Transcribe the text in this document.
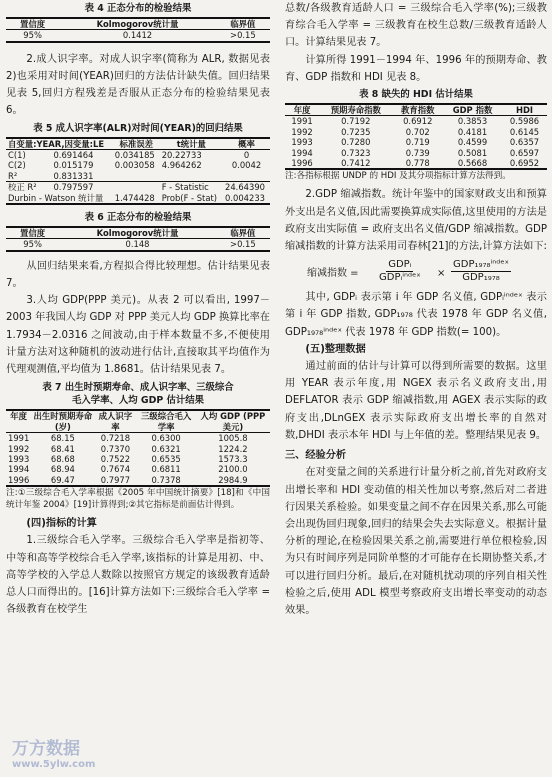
表 4 正态分布的检验结果
置信度	Kolmogorov统计量	临界值
95%	0.1412	>0.15

2.成人识字率。对成人识字率(简称为 ALR, 数据见表 2)也采用对时间(YEAR)回归的方法估计缺失值。回归结果见表 5,回归方程残差是否服从正态分布的检验结果见表 6。

表 5 成人识字率(ALR)对时间(YEAR)的回归结果
自变量:YEAR,因变量:LE		标准误差	t统计量	概率
C(1)	0.691464	0.034185	20.22733	0
C(2)	0.015179	0.003058	4.964262	0.0042
R²	0.831331			
校正 R²	0.797597		F - Statistic	24.64390
Durbin - Watson 统计量		1.474428	Prob(F - Stat)	0.004233
表 6 正态分布的检验结果
置信度	Kolmogorov统计量	临界值
95%	0.148	>0.15

从回归结果来看,方程拟合得比较理想。估计结果见表 7。

3.人均 GDP(PPP 美元)。从表 2 可以看出, 1997－2003 年我国人均 GDP 对 PPP 美元人均 GDP 换算比率在 1.7934－2.0316 之间波动,由于样本数量不多,不便使用计量方法对这种随机的波动进行估计,直接取其平均值作为代理观测值,平均值为 1.8681。估计结果见表 7。

表 7 出生时预期寿命、成人识字率、三级综合
毛入学率、人均 GDP 估计结果
年度	出生时预期寿命(岁)	成人识字率	三级综合毛入学率	人均 GDP (PPP 美元)
1991	68.15	0.7218	0.6300	1005.8
1992	68.41	0.7370	0.6321	1224.2
1993	68.68	0.7522	0.6535	1573.3
1994	68.94	0.7674	0.6811	2100.0
1996	69.47	0.7977	0.7378	2984.9

注:①三级综合毛入学率根据《2005 年中国统计摘要》[18]和《中国统计年鉴 2004》[19]计算得到;②其它指标是前面估计得到。

(四)指标的计算

1.三级综合毛入学率。三级综合毛入学率是指初等、中等和高等学校综合毛入学率,该指标的计算是用初、中、高等学校的入学总人数除以按照官方规定的该级教育适龄总人口而得出的。[16]计算方法如下:三级综合毛入学率 = 各级教育在校学生

总数/各级教育适龄人口 = 三级综合毛入学率(%);三级教育综合毛入学率 = 三级教育在校生总数/三级教育适龄人口。计算结果见表 7。

计算所得 1991－1994 年、1996 年的预期寿命、教育、GDP 指数和 HDI 见表 8。

表 8 缺失的 HDI 估计结果
年度	预期寿命指数	教育指数	GDP 指数	HDI
1991	0.7192	0.6912	0.3853	0.5986
1992	0.7235	0.702	0.4181	0.6145
1993	0.7280	0.719	0.4599	0.6357
1994	0.7323	0.739	0.5081	0.6597
1996	0.7412	0.778	0.5668	0.6952

注:各指标根据 UNDP 的 HDI 及其分项指标计算方法得到。

2.GDP 缩减指数。统计年鉴中的国家财政支出和预算外支出是名义值,因此需要换算成实际值,这里使用的方法是政府支出实际值 = 政府支出名义值/GDP 缩减指数。GDP 缩减指数的计算方法采用司春林[21]的方法,计算方法如下:

缩减指数 =
GDPᵢ
GDPᵢⁱⁿᵈᵉˣ ×
GDP₁₉₇₈ⁱⁿᵈᵉˣ
GDP₁₉₇₈

其中, GDPᵢ 表示第 i 年 GDP 名义值, GDPᵢⁱⁿᵈᵉˣ 表示第 i 年 GDP 指数, GDP₁₉₇₈ 代表 1978 年 GDP 名义值, GDP₁₉₇₈ⁱⁿᵈᵉˣ 代表 1978 年 GDP 指数(= 100)。

(五)整理数据

通过前面的估计与计算可以得到所需要的数据。这里用 YEAR 表示年度,用 NGEX 表示名义政府支出,用 DEFLATOR 表示 GDP 缩减指数,用 AGEX 表示实际的政府支出,DLnGEX 表示实际政府支出增长率的自然对数,DHDI 表示本年 HDI 与上年值的差。整理结果见表 9。

三、经验分析

在对变量之间的关系进行计量分析之前,首先对政府支出增长率和 HDI 变动值的相关性加以考察,然后对二者进行因果关系检验。如果变量之间不存在因果关系,那么可能会出现伪回归现象,回归的结果会失去实际意义。根据计量分析的理论,在检验因果关系之前,需要进行单位根检验,因为只有时间序列是同阶单整的才可能存在长期协整关系,才可以进行回归分析。最后,在对随机扰动项的序列自相关性检验之后,使用 ADL 模型考察政府支出增长率变动的动态效果。

万方数据
www.5ylw.com
